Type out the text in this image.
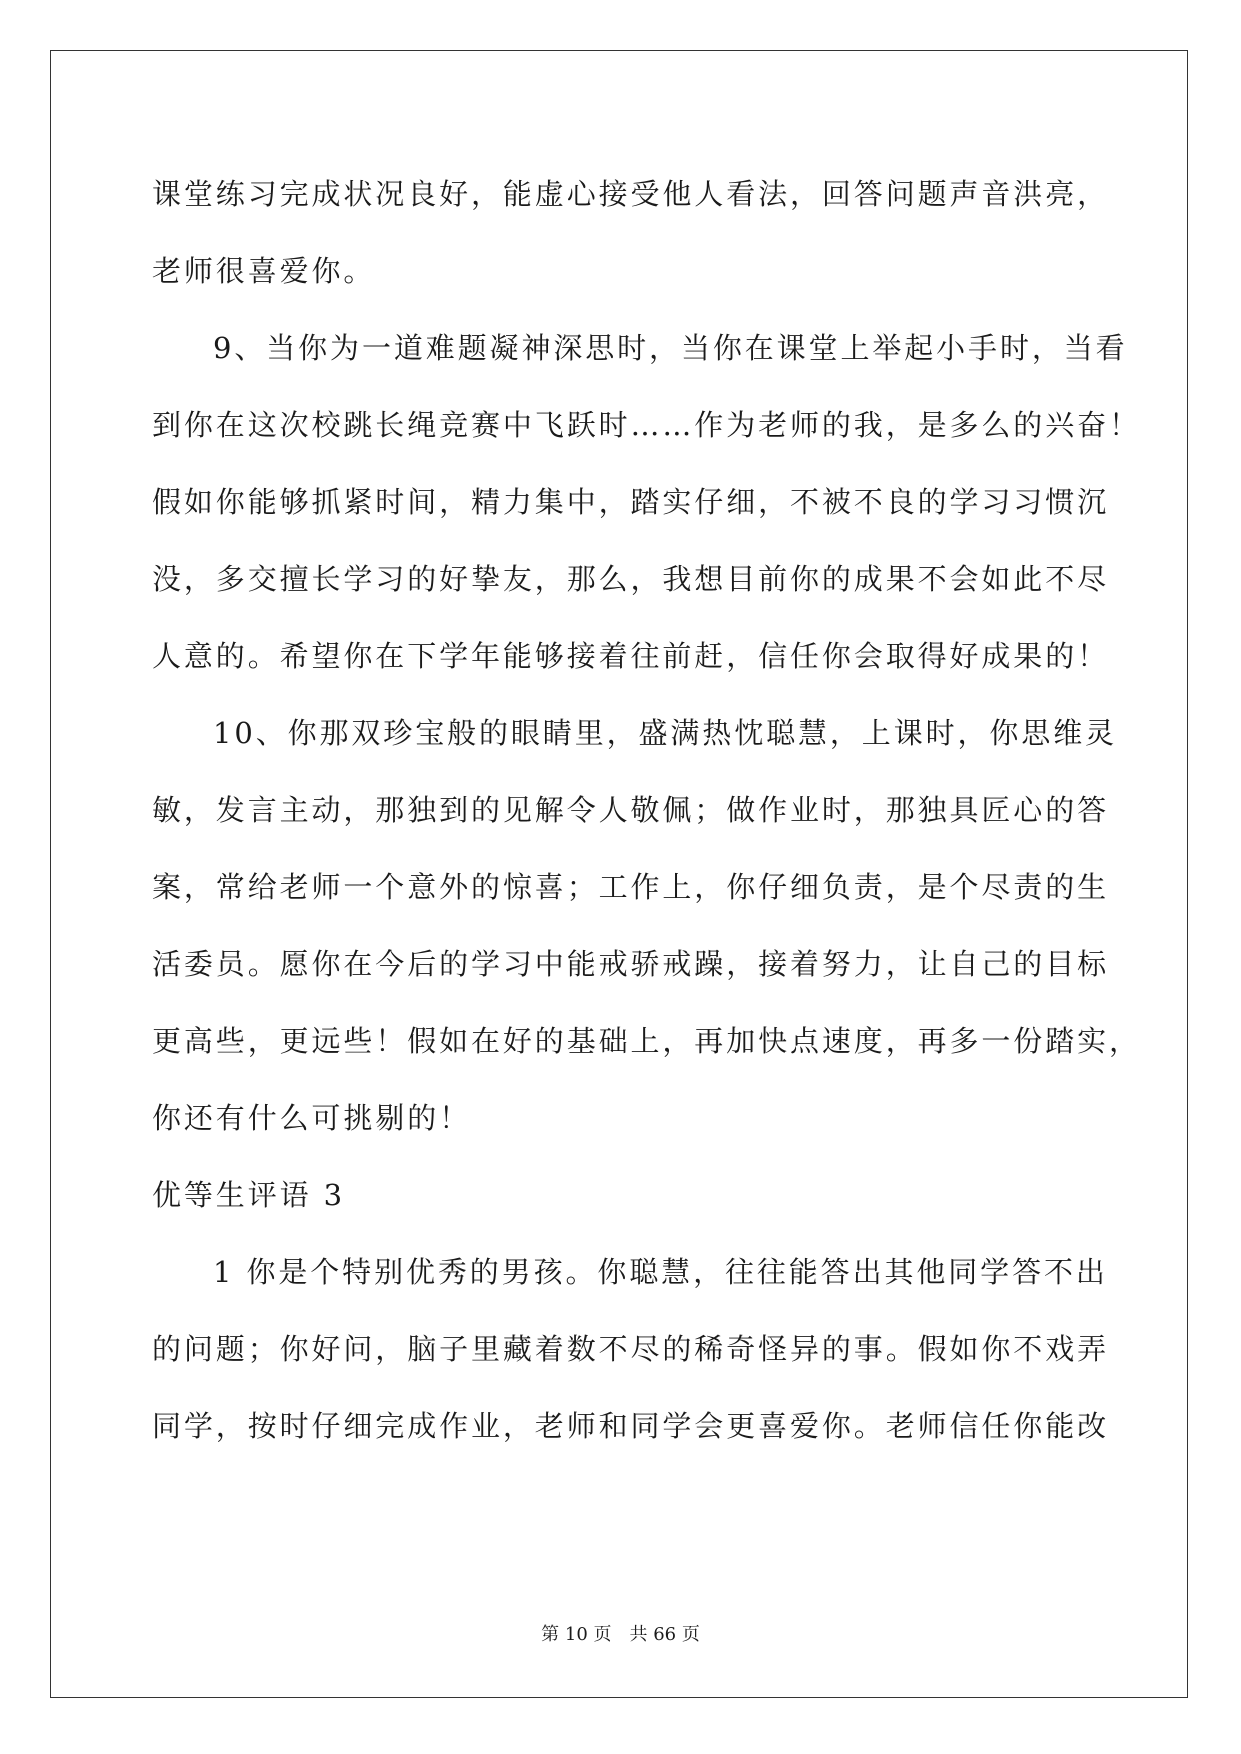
课堂练习完成状况良好，能虚心接受他人看法，回答问题声音洪亮，
老师很喜爱你。
9、当你为一道难题凝神深思时，当你在课堂上举起小手时，当看
到你在这次校跳长绳竞赛中飞跃时……作为老师的我，是多么的兴奋！
假如你能够抓紧时间，精力集中，踏实仔细，不被不良的学习习惯沉
没，多交擅长学习的好挚友，那么，我想目前你的成果不会如此不尽
人意的。希望你在下学年能够接着往前赶，信任你会取得好成果的！
10、你那双珍宝般的眼睛里，盛满热忱聪慧，上课时，你思维灵
敏，发言主动，那独到的见解令人敬佩；做作业时，那独具匠心的答
案，常给老师一个意外的惊喜；工作上，你仔细负责，是个尽责的生
活委员。愿你在今后的学习中能戒骄戒躁，接着努力，让自己的目标
更高些，更远些！假如在好的基础上，再加快点速度，再多一份踏实，
你还有什么可挑剔的！
优等生评语 3
1 你是个特别优秀的男孩。你聪慧，往往能答出其他同学答不出
的问题；你好问，脑子里藏着数不尽的稀奇怪异的事。假如你不戏弄
同学，按时仔细完成作业，老师和同学会更喜爱你。老师信任你能改
第 10 页 共 66 页
